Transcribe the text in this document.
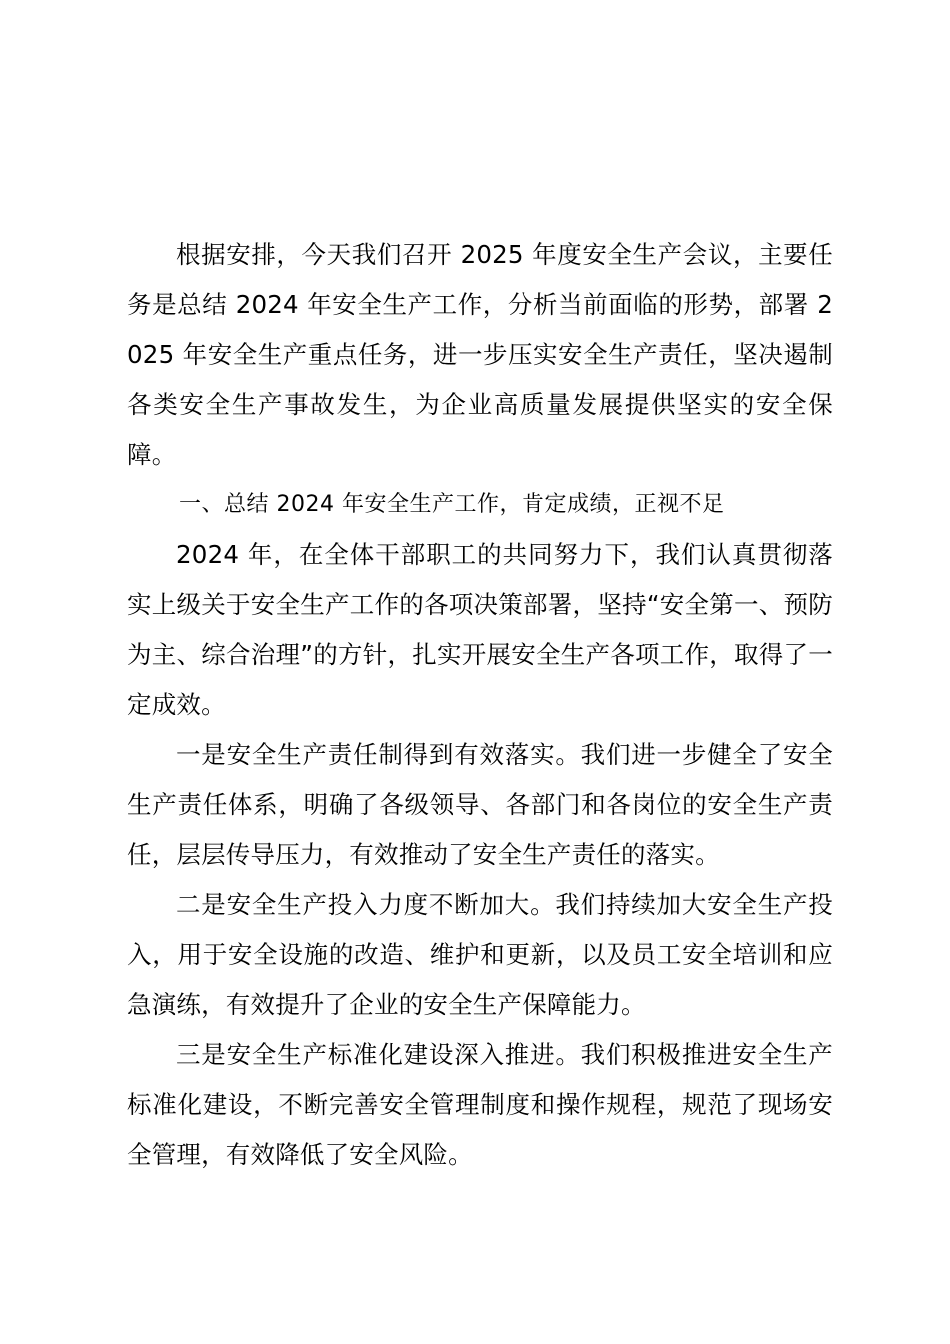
根据安排，今天我们召开 2025 年度安全生产会议，主要任务是总结 2024 年安全生产工作，分析当前面临的形势，部署 2025 年安全生产重点任务，进一步压实安全生产责任，坚决遏制各类安全生产事故发生，为企业高质量发展提供坚实的安全保障。

一、总结 2024 年安全生产工作，肯定成绩，正视不足

2024 年，在全体干部职工的共同努力下，我们认真贯彻落实上级关于安全生产工作的各项决策部署，坚持“安全第一、预防为主、综合治理”的方针，扎实开展安全生产各项工作，取得了一定成效。

一是安全生产责任制得到有效落实。我们进一步健全了安全生产责任体系，明确了各级领导、各部门和各岗位的安全生产责任，层层传导压力，有效推动了安全生产责任的落实。

二是安全生产投入力度不断加大。我们持续加大安全生产投入，用于安全设施的改造、维护和更新，以及员工安全培训和应急演练，有效提升了企业的安全生产保障能力。

三是安全生产标准化建设深入推进。我们积极推进安全生产标准化建设，不断完善安全管理制度和操作规程，规范了现场安全管理，有效降低了安全风险。
